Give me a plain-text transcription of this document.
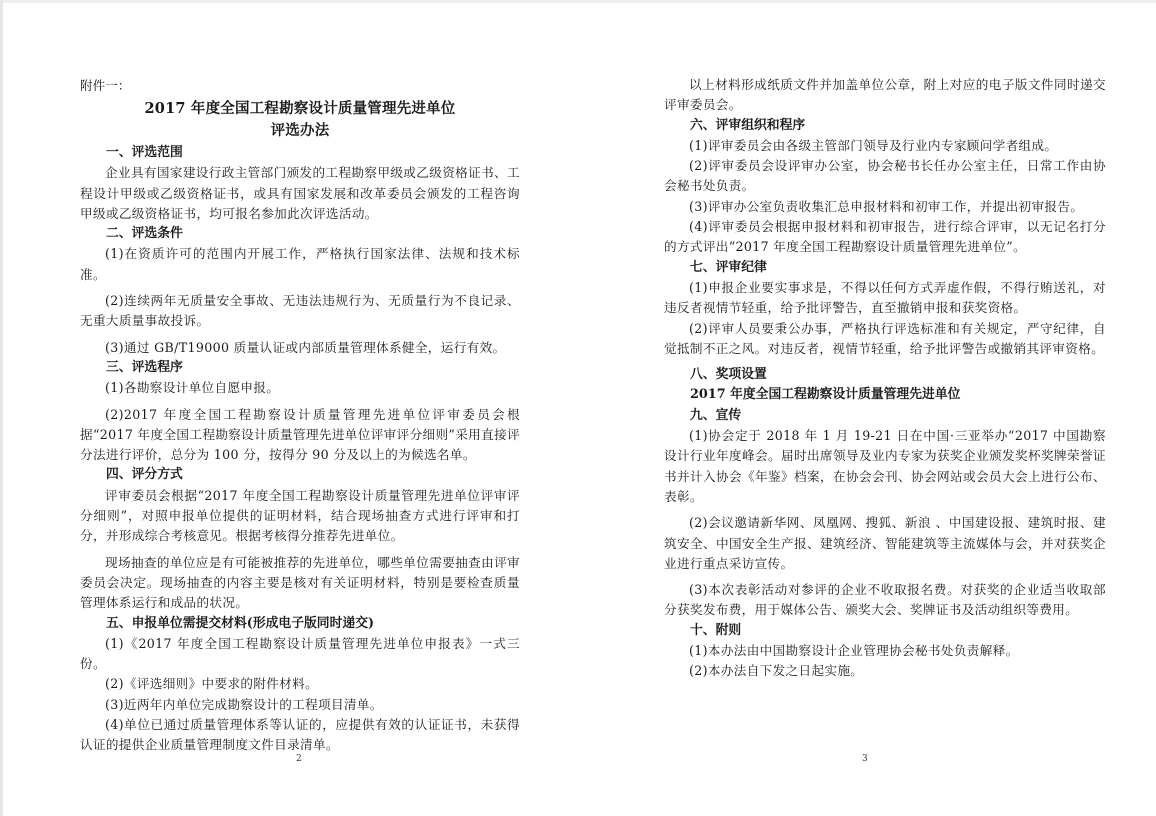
附件一：
2017 年度全国工程勘察设计质量管理先进单位
评选办法
一、评选范围
企业具有国家建设行政主管部门颁发的工程勘察甲级或乙级资格证书、工程设计甲级或乙级资格证书，或具有国家发展和改革委员会颁发的工程咨询甲级或乙级资格证书，均可报名参加此次评选活动。
二、评选条件
(1)在资质许可的范围内开展工作，严格执行国家法律、法规和技术标准。
(2)连续两年无质量安全事故、无违法违规行为、无质量行为不良记录、无重大质量事故投诉。
(3)通过 GB/T19000 质量认证或内部质量管理体系健全，运行有效。
三、评选程序
(1)各勘察设计单位自愿申报。
(2)2017 年度全国工程勘察设计质量管理先进单位评审委员会根据“2017 年度全国工程勘察设计质量管理先进单位评审评分细则”采用直接评分法进行评价，总分为 100 分，按得分 90 分及以上的为候选名单。
四、评分方式
评审委员会根据“2017 年度全国工程勘察设计质量管理先进单位评审评分细则”，对照申报单位提供的证明材料，结合现场抽查方式进行评审和打分，并形成综合考核意见。根据考核得分推荐先进单位。
现场抽查的单位应是有可能被推荐的先进单位，哪些单位需要抽查由评审委员会决定。现场抽查的内容主要是核对有关证明材料，特别是要检查质量管理体系运行和成品的状况。
五、申报单位需提交材料(形成电子版同时递交)
(1)《2017 年度全国工程勘察设计质量管理先进单位申报表》一式三份。
(2)《评选细则》中要求的附件材料。
(3)近两年内单位完成勘察设计的工程项目清单。
(4)单位已通过质量管理体系等认证的，应提供有效的认证证书，未获得认证的提供企业质量管理制度文件目录清单。
2
以上材料形成纸质文件并加盖单位公章，附上对应的电子版文件同时递交评审委员会。
六、评审组织和程序
(1)评审委员会由各级主管部门领导及行业内专家顾问学者组成。
(2)评审委员会设评审办公室，协会秘书长任办公室主任，日常工作由协会秘书处负责。
(3)评审办公室负责收集汇总申报材料和初审工作，并提出初审报告。
(4)评审委员会根据申报材料和初审报告，进行综合评审，以无记名打分的方式评出“2017 年度全国工程勘察设计质量管理先进单位”。
七、评审纪律
(1)申报企业要实事求是，不得以任何方式弄虚作假，不得行贿送礼，对违反者视情节轻重，给予批评警告，直至撤销申报和获奖资格。
(2)评审人员要秉公办事，严格执行评选标准和有关规定，严守纪律，自觉抵制不正之风。对违反者，视情节轻重，给予批评警告或撤销其评审资格。
八、奖项设置
2017 年度全国工程勘察设计质量管理先进单位
九、宣传
(1)协会定于 2018 年 1 月 19-21 日在中国·三亚举办“2017 中国勘察设计行业年度峰会。届时出席领导及业内专家为获奖企业颁发奖杯奖牌荣誉证书并计入协会《年鉴》档案，在协会会刊、协会网站或会员大会上进行公布、表彰。
(2)会议邀请新华网、凤凰网、搜狐、新浪 、中国建设报、建筑时报、建筑安全、中国安全生产报、建筑经济、智能建筑等主流媒体与会，并对获奖企业进行重点采访宣传。
(3)本次表彰活动对参评的企业不收取报名费。对获奖的企业适当收取部分获奖发布费，用于媒体公告、颁奖大会、奖牌证书及活动组织等费用。
十、附则
(1)本办法由中国勘察设计企业管理协会秘书处负责解释。
(2)本办法自下发之日起实施。
3
